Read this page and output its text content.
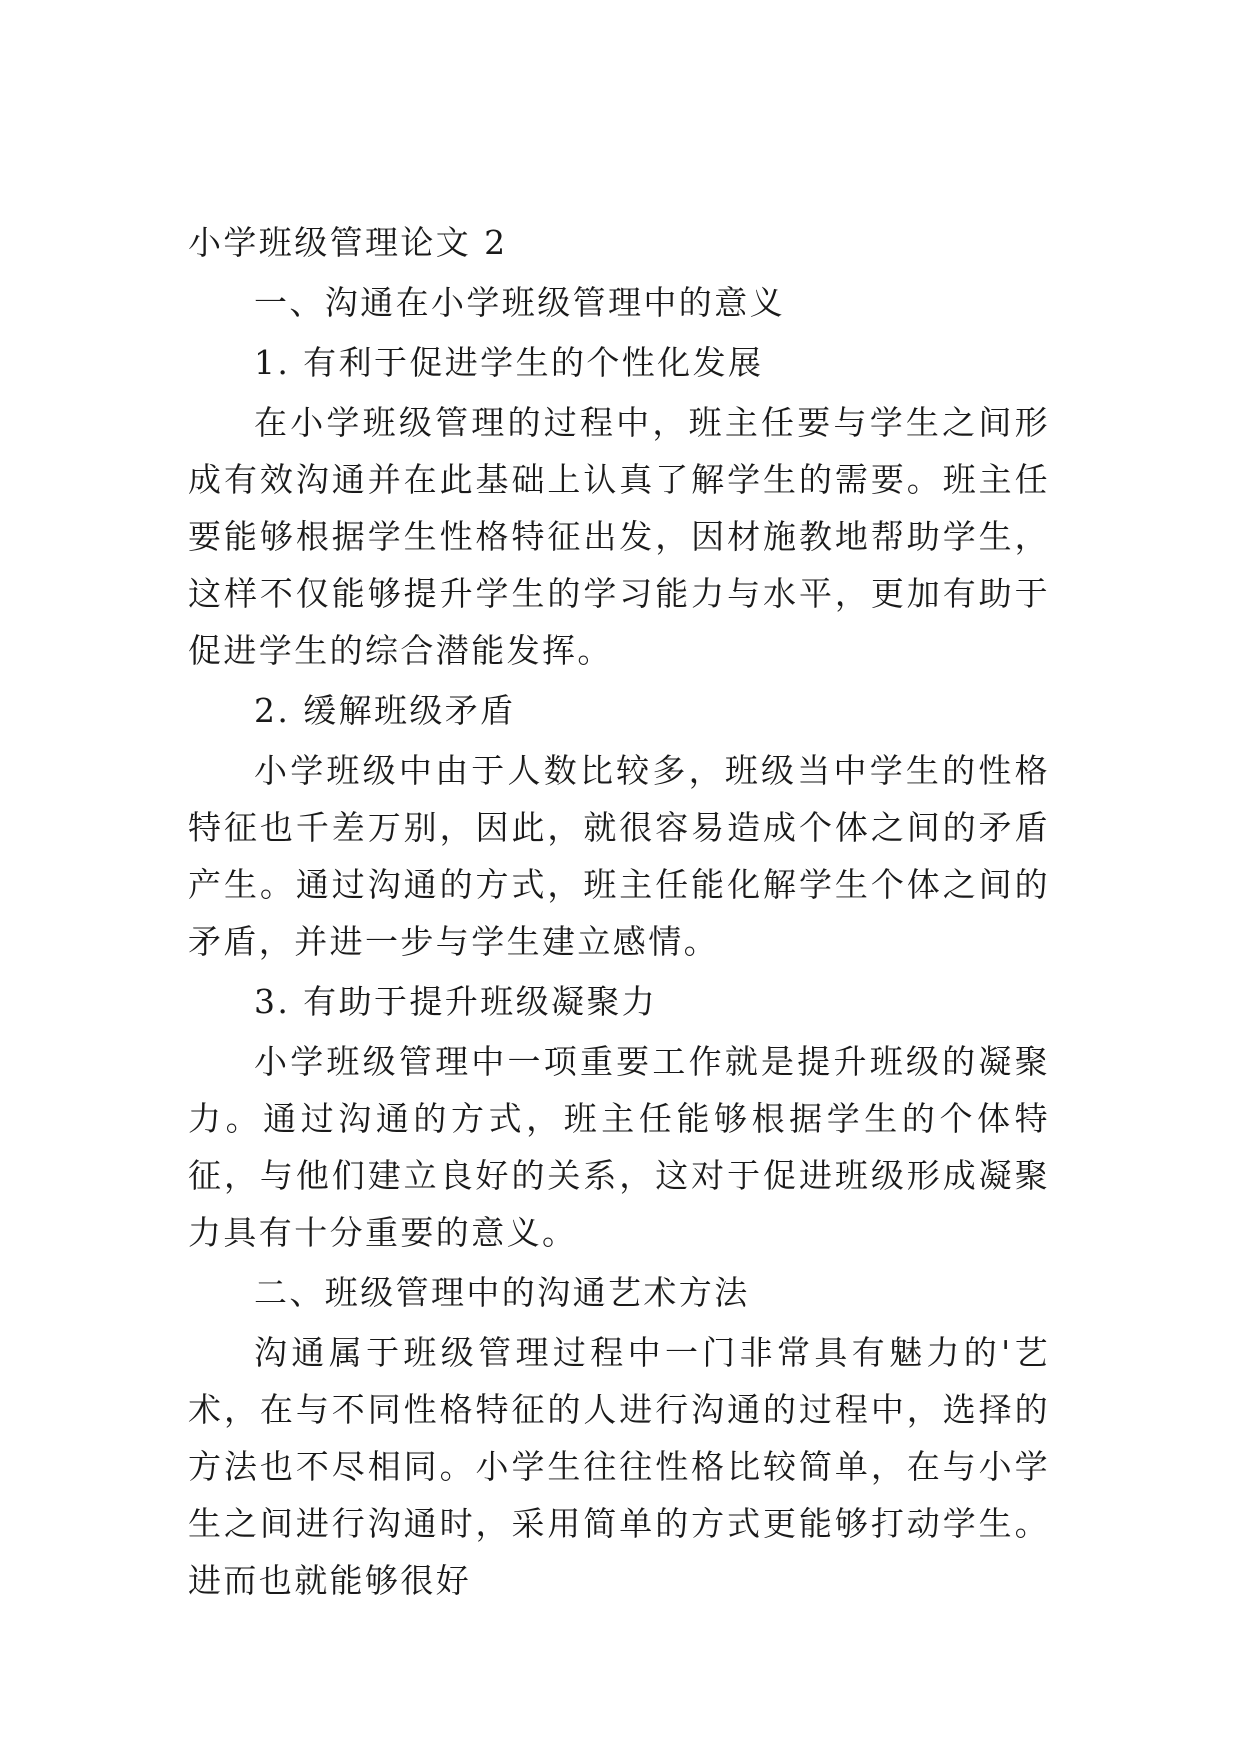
小学班级管理论文 2
一、沟通在小学班级管理中的意义
1. 有利于促进学生的个性化发展
在小学班级管理的过程中，班主任要与学生之间形成有效沟通并在此基础上认真了解学生的需要。班主任要能够根据学生性格特征出发，因材施教地帮助学生，这样不仅能够提升学生的学习能力与水平，更加有助于促进学生的综合潜能发挥。
2. 缓解班级矛盾
小学班级中由于人数比较多，班级当中学生的性格特征也千差万别，因此，就很容易造成个体之间的矛盾产生。通过沟通的方式，班主任能化解学生个体之间的矛盾，并进一步与学生建立感情。
3. 有助于提升班级凝聚力
小学班级管理中一项重要工作就是提升班级的凝聚力。通过沟通的方式，班主任能够根据学生的个体特征，与他们建立良好的关系，这对于促进班级形成凝聚力具有十分重要的意义。
二、班级管理中的沟通艺术方法
沟通属于班级管理过程中一门非常具有魅力的'艺术，在与不同性格特征的人进行沟通的过程中，选择的方法也不尽相同。小学生往往性格比较简单，在与小学生之间进行沟通时，采用简单的方式更能够打动学生。进而也就能够很好
